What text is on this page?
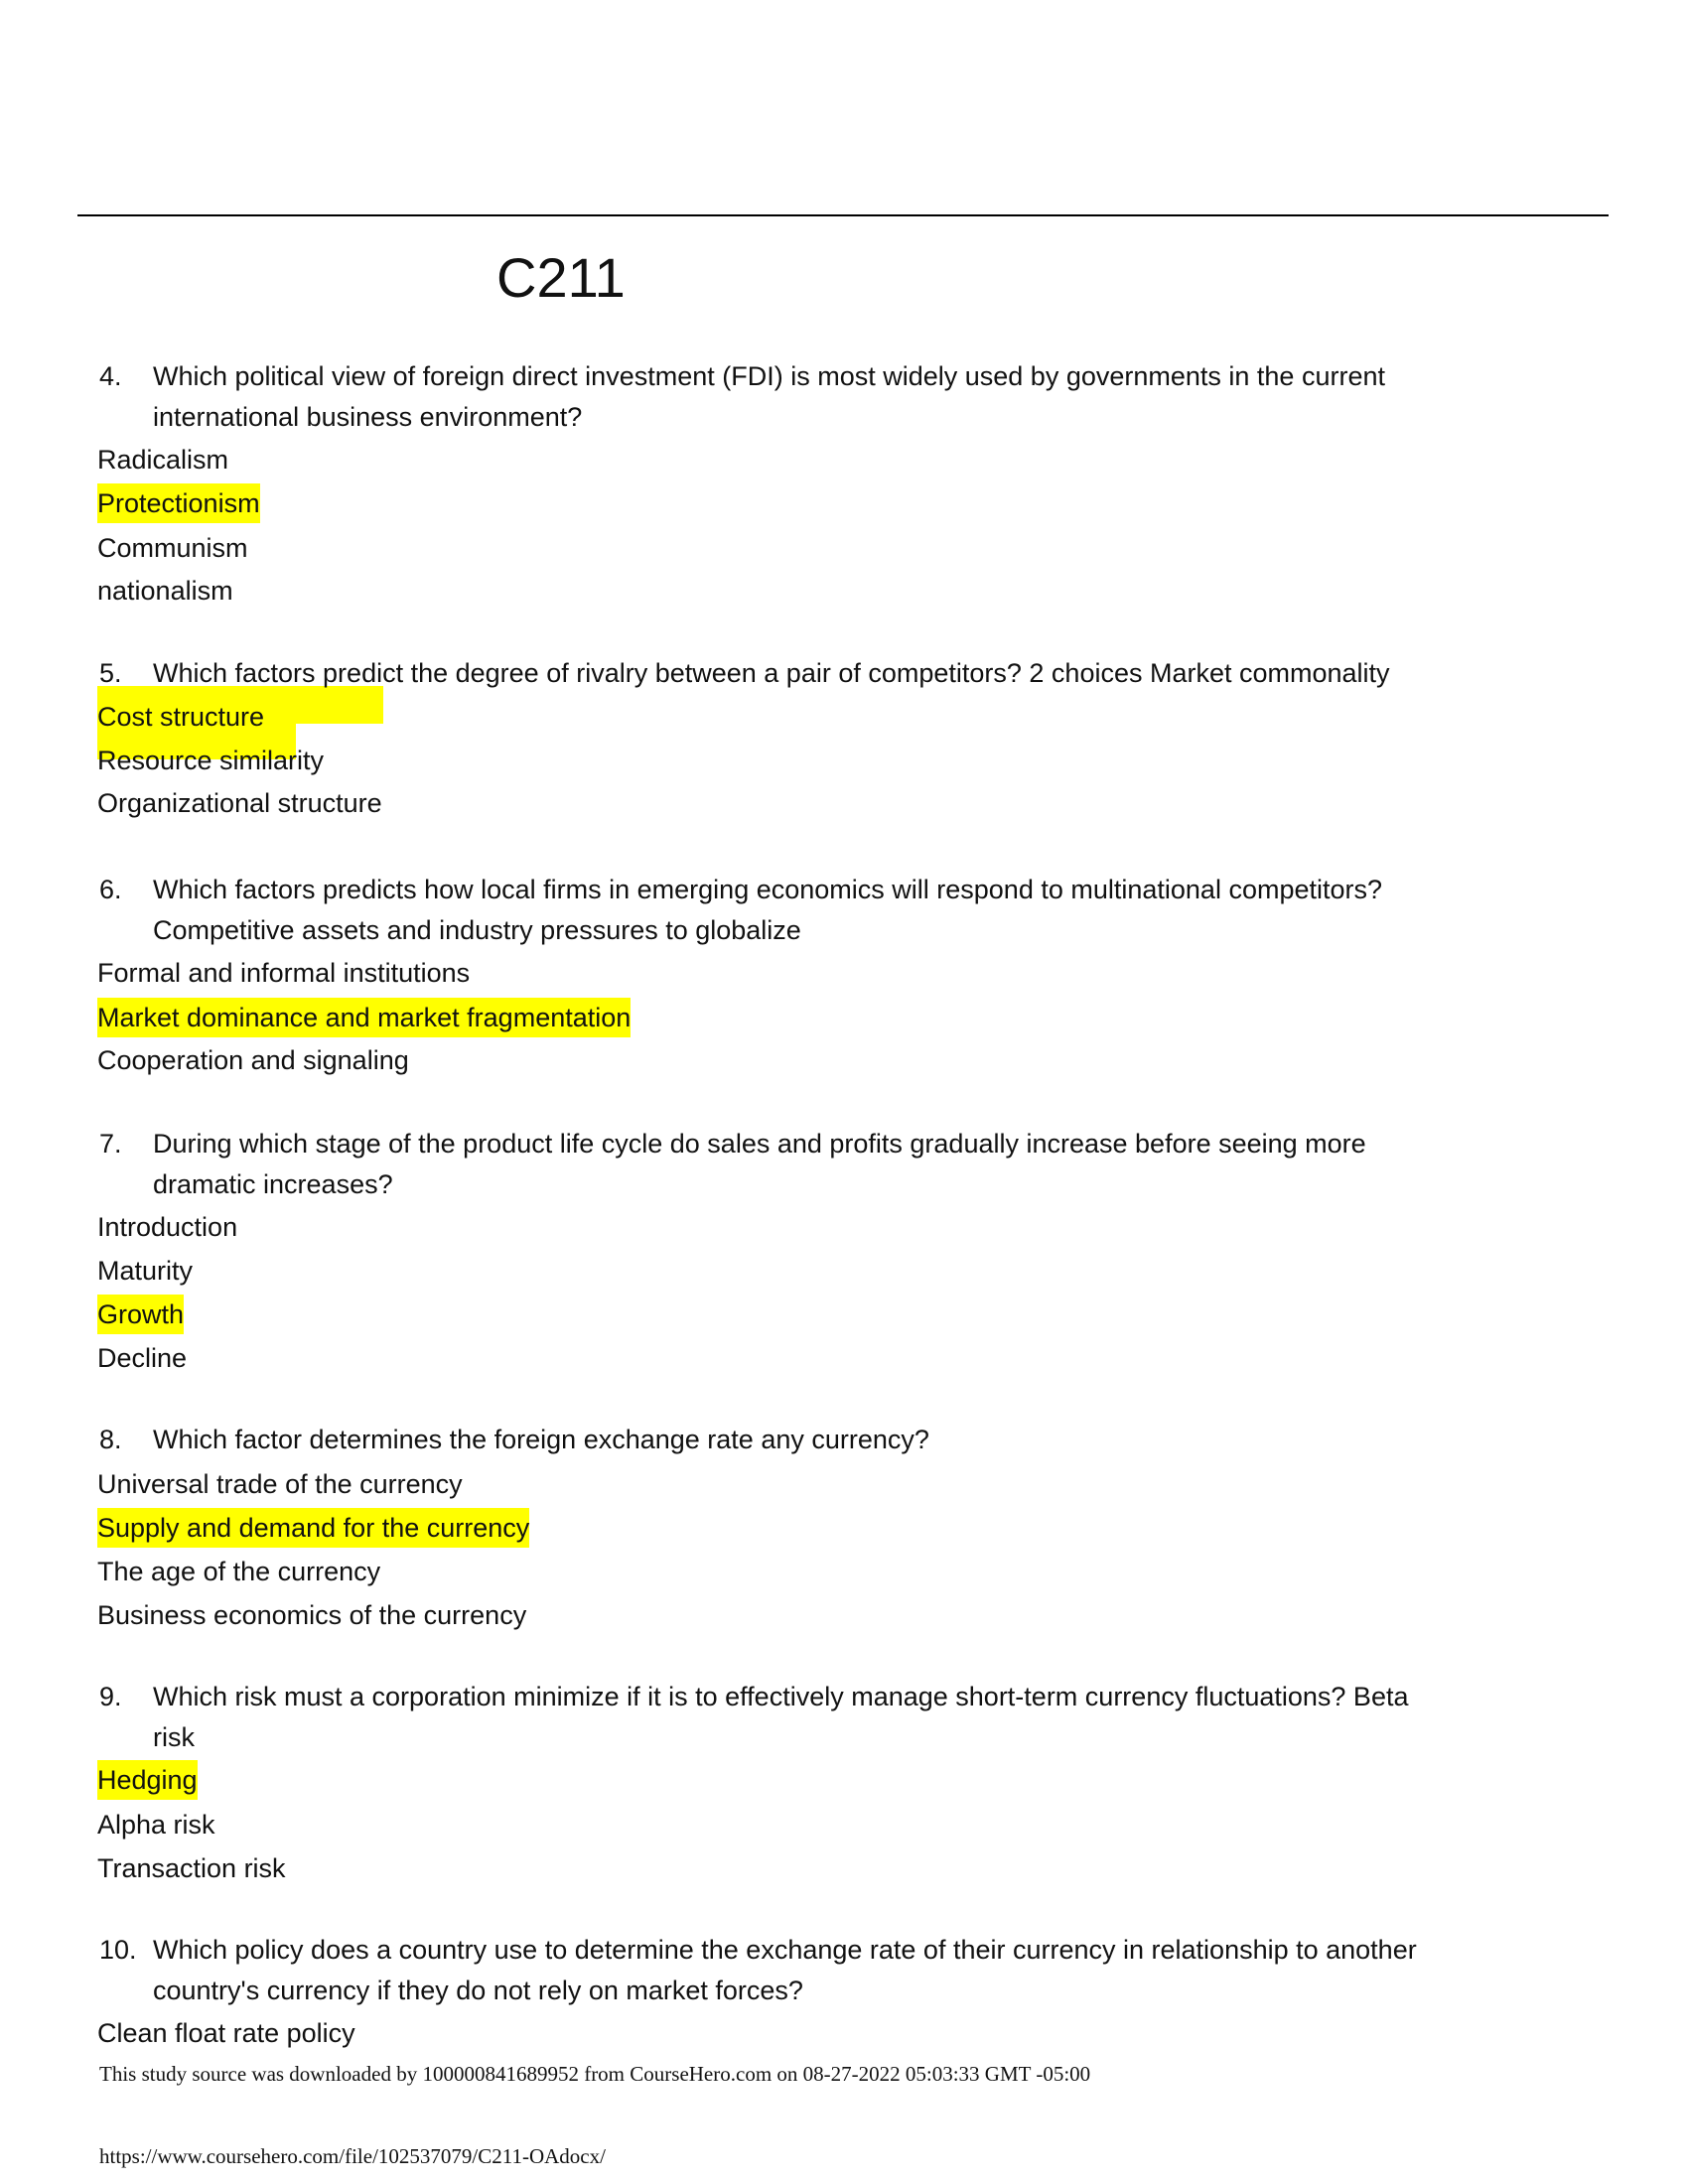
C211
4. Which political view of foreign direct investment (FDI) is most widely used by governments in the current
international business environment?
Radicalism
Protectionism
Communism
nationalism
5. Which factors predict the degree of rivalry between a pair of competitors? 2 choices Market commonality
Cost structure
Resource similarity
Organizational structure
6. Which factors predicts how local firms in emerging economics will respond to multinational competitors?
Competitive assets and industry pressures to globalize
Formal and informal institutions
Market dominance and market fragmentation
Cooperation and signaling
7. During which stage of the product life cycle do sales and profits gradually increase before seeing more
dramatic increases?
Introduction
Maturity
Growth
Decline
8. Which factor determines the foreign exchange rate any currency?
Universal trade of the currency
Supply and demand for the currency
The age of the currency
Business economics of the currency
9. Which risk must a corporation minimize if it is to effectively manage short-term currency fluctuations? Beta
risk
Hedging
Alpha risk
Transaction risk
10. Which policy does a country use to determine the exchange rate of their currency in relationship to another
country's currency if they do not rely on market forces?
Clean float rate policy
This study source was downloaded by 100000841689952 from CourseHero.com on 08-27-2022 05:03:33 GMT -05:00
https://www.coursehero.com/file/102537079/C211-OAdocx/
